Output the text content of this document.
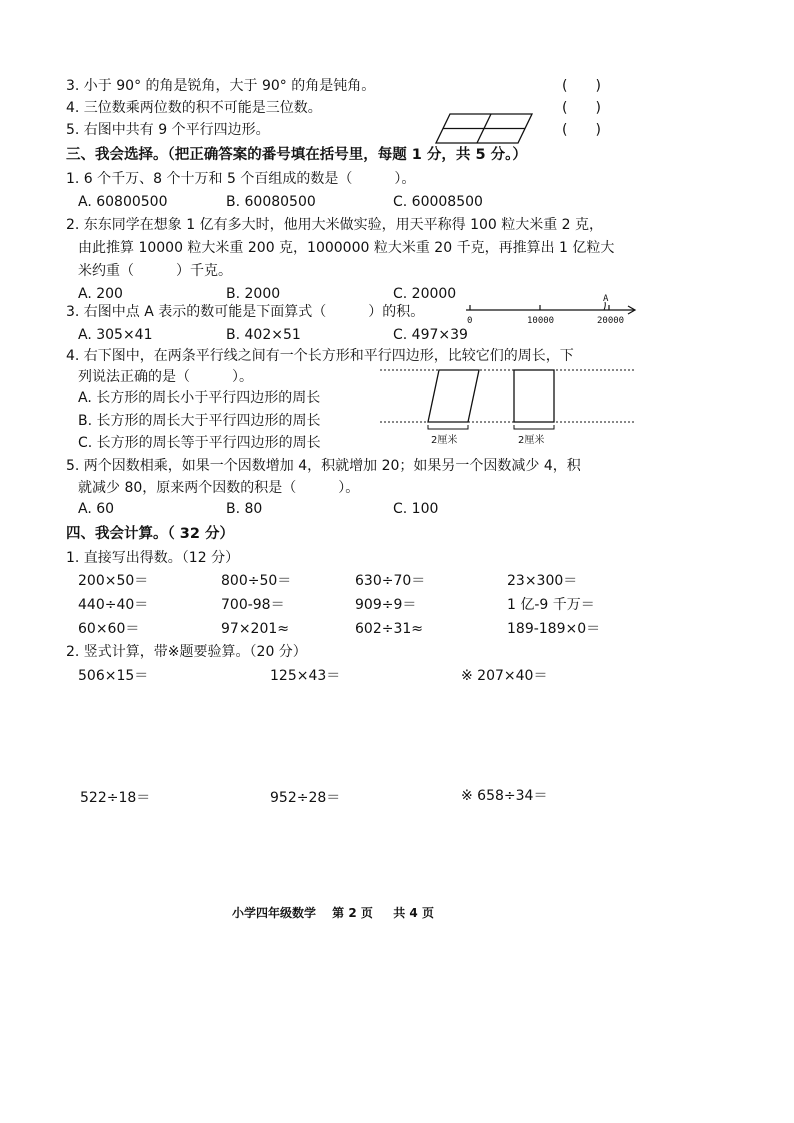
3. 小于 90° 的角是锐角，大于 90° 的角是钝角。	(　　)
4. 三位数乘两位数的积不可能是三位数。	(　　)
5. 右图中共有 9 个平行四边形。	(　　)
三、我会选择。（把正确答案的番号填在括号里，每题 1 分，共 5 分。）
1. 6 个千万、8 个十万和 5 个百组成的数是（　　　）。
A. 60800500	B. 60080500	C. 60008500
2. 东东同学在想象 1 亿有多大时，他用大米做实验，用天平称得 100 粒大米重 2 克，
由此推算 10000 粒大米重 200 克，1000000 粒大米重 20 千克，再推算出 1 亿粒大
米约重（　　　）千克。
A. 200	B. 2000	C. 20000
3. 右图中点 A 表示的数可能是下面算式（　　　）的积。
0	10000	20000
A
A. 305×41	B. 402×51	C. 497×39
4. 右下图中，在两条平行线之间有一个长方形和平行四边形，比较它们的周长，下
列说法正确的是（　　　）。
A. 长方形的周长小于平行四边形的周长
B. 长方形的周长大于平行四边形的周长
C. 长方形的周长等于平行四边形的周长	2厘米	2厘米
5. 两个因数相乘，如果一个因数增加 4，积就增加 20；如果另一个因数减少 4，积
就减少 80，原来两个因数的积是（　　　）。
A. 60	B. 80	C. 100
四、我会计算。（ 32 分）
1. 直接写出得数。（12 分）
200×50＝	800÷50＝	630÷70＝	23×300＝
440÷40＝	700-98＝	909÷9＝	1 亿-9 千万＝
60×60＝	97×201≈	602÷31≈	189-189×0＝
2. 竖式计算，带※题要验算。（20 分）
506×15＝	125×43＝	※ 207×40＝
522÷18＝	952÷28＝	※ 658÷34＝
小学四年级数学　 第 2 页 　 共 4 页
